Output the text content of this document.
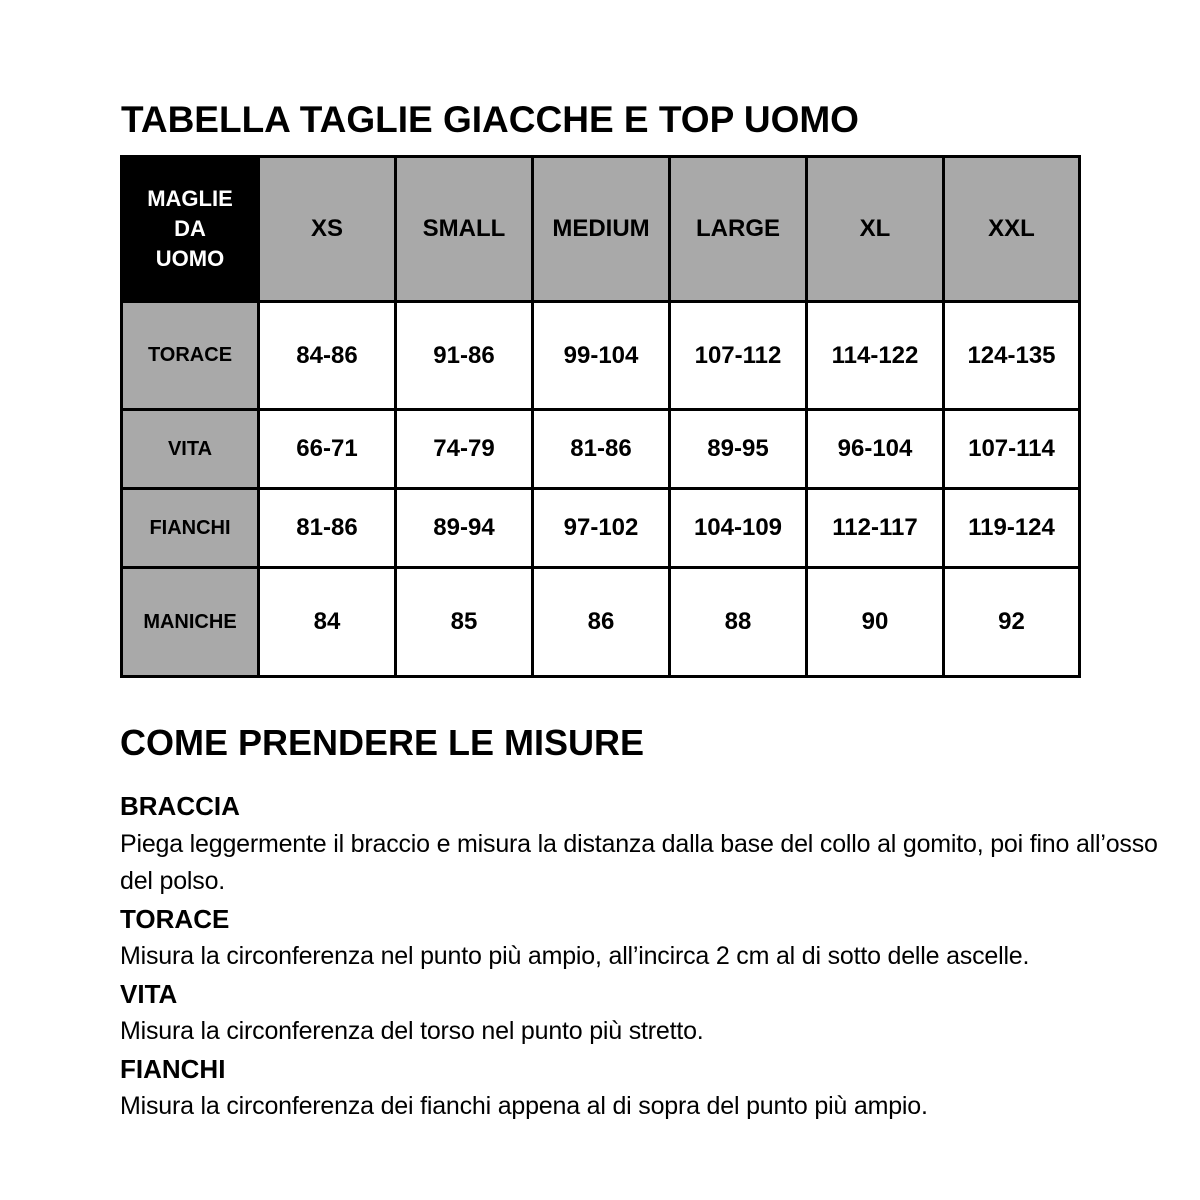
TABELLA TAGLIE GIACCHE E TOP UOMO
MAGLIE
DA
UOMO	XS	SMALL	MEDIUM	LARGE	XL	XXL
TORACE	84-86	91-86	99-104	107-112	114-122	124-135
VITA	66-71	74-79	81-86	89-95	96-104	107-114
FIANCHI	81-86	89-94	97-102	104-109	112-117	119-124
MANICHE	84	85	86	88	90	92
COME PRENDERE LE MISURE
BRACCIA
Piega leggermente il braccio e misura la distanza dalla base del collo al gomito, poi fino all’osso del polso.
TORACE
Misura la circonferenza nel punto più ampio, all’incirca 2 cm al di sotto delle ascelle.
VITA
Misura la circonferenza del torso nel punto più stretto.
FIANCHI
Misura la circonferenza dei fianchi appena al di sopra del punto più ampio.
